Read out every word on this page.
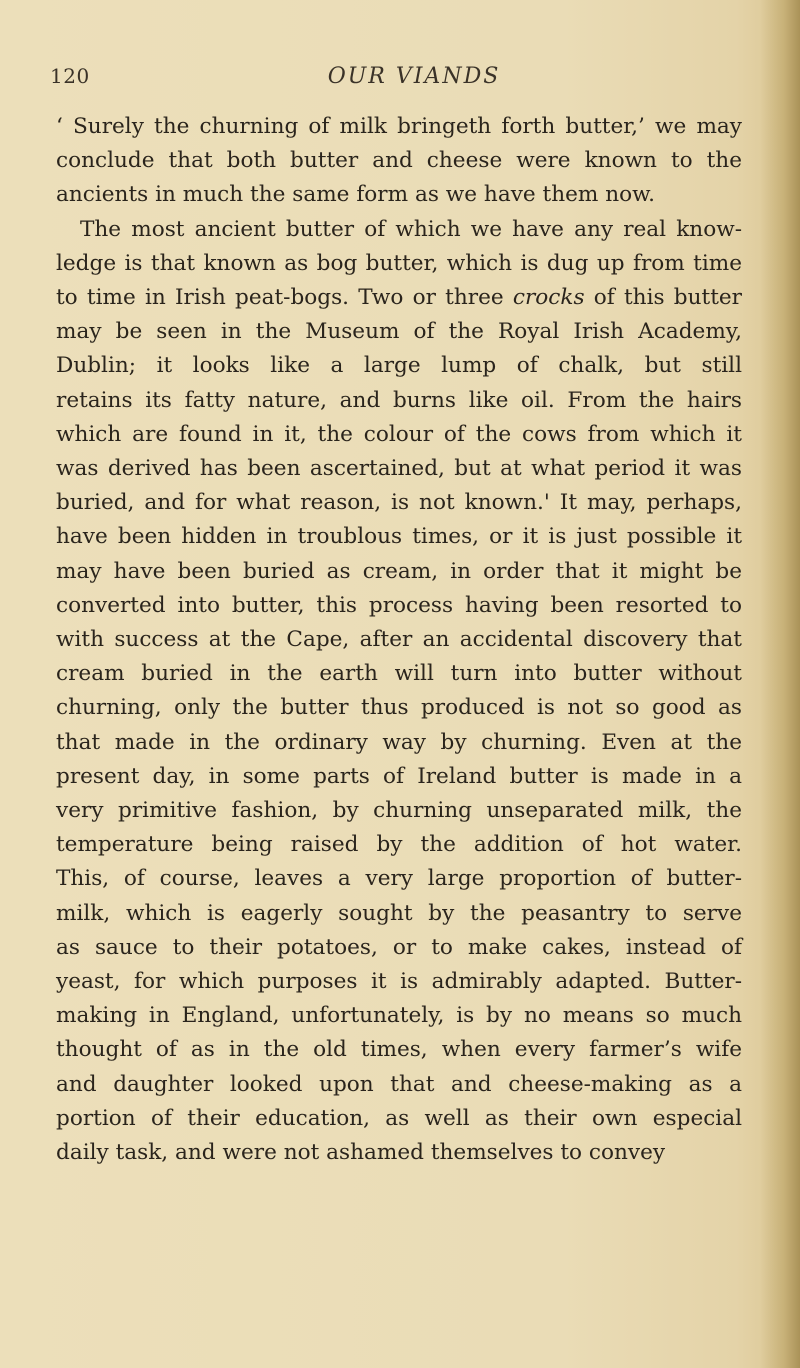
120	OUR VIANDS
‘ Surely the churning of milk bringeth forth butter,’ we may
conclude that both butter and cheese were known to the
ancients in much the same form as we have them now.
The most ancient butter of which we have any real know-
ledge is that known as bog butter, which is dug up from time
to time in Irish peat-bogs. Two or three crocks of this butter
may be seen in the Museum of the Royal Irish Academy,
Dublin; it looks like a large lump of chalk, but still
retains its fatty nature, and burns like oil. From the hairs
which are found in it, the colour of the cows from which it
was derived has been ascertained, but at what period it was
buried, and for what reason, is not known.' It may, perhaps,
have been hidden in troublous times, or it is just possible it
may have been buried as cream, in order that it might be
converted into butter, this process having been resorted to
with success at the Cape, after an accidental discovery that
cream buried in the earth will turn into butter without
churning, only the butter thus produced is not so good as
that made in the ordinary way by churning. Even at the
present day, in some parts of Ireland butter is made in a
very primitive fashion, by churning unseparated milk, the
temperature being raised by the addition of hot water.
This, of course, leaves a very large proportion of butter-
milk, which is eagerly sought by the peasantry to serve
as sauce to their potatoes, or to make cakes, instead of
yeast, for which purposes it is admirably adapted. Butter-
making in England, unfortunately, is by no means so much
thought of as in the old times, when every farmer’s wife
and daughter looked upon that and cheese-making as a
portion of their education, as well as their own especial
daily task, and were not ashamed themselves to convey
